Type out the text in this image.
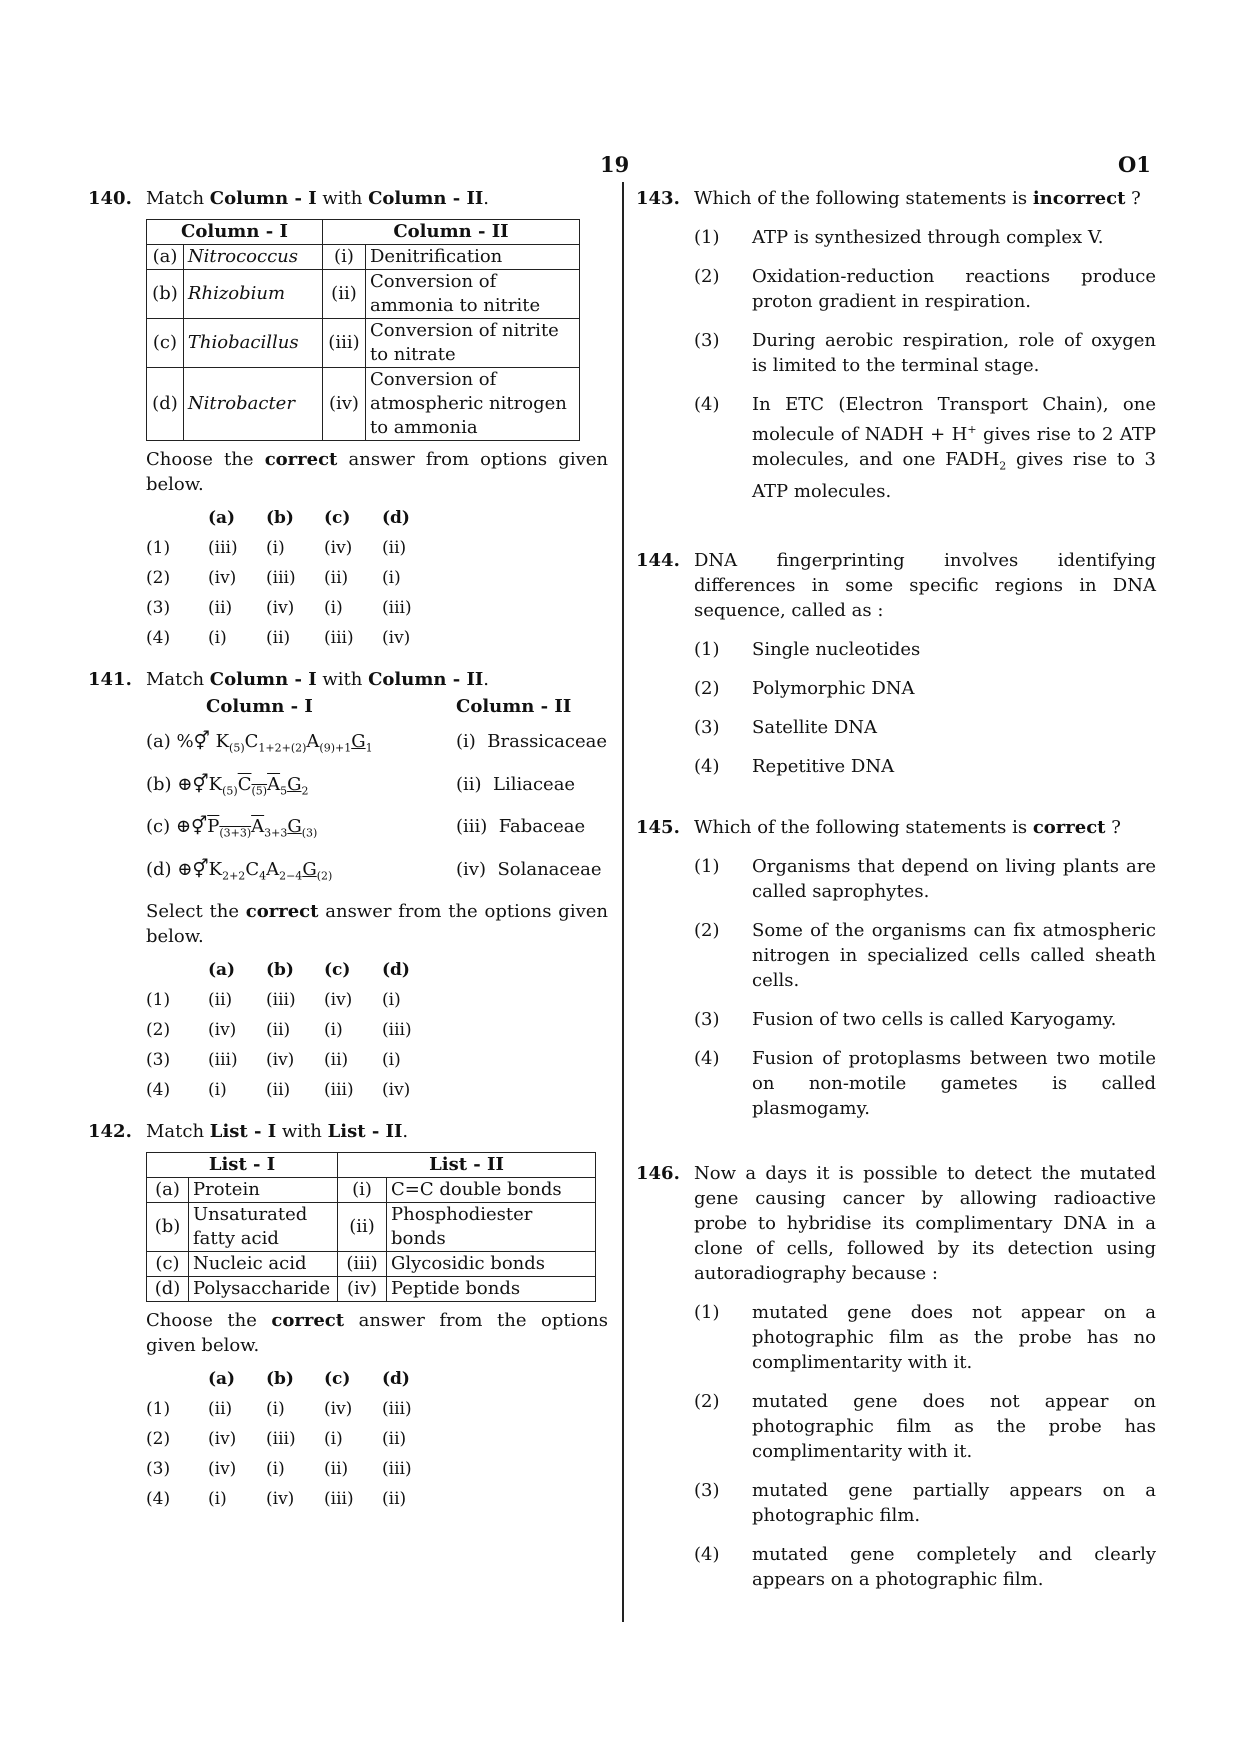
19	O1
140. Match Column - I with Column - II.
Column - I		Column - II	
(a)	Nitrococcus	(i)	Denitrification
(b)	Rhizobium	(ii)	Conversion of ammonia to nitrite
(c)	Thiobacillus	(iii)	Conversion of nitrite to nitrate
(d)	Nitrobacter	(iv)	Conversion of atmospheric nitrogen to ammonia
Choose the correct answer from options given below.
(a)	(b)	(c)	(d)
(1)	(iii)	(i)	(iv)	(ii)
(2)	(iv)	(iii)	(ii)	(i)
(3)	(ii)	(iv)	(i)	(iii)
(4)	(i)	(ii)	(iii)	(iv)
141. Match Column - I with Column - II.
Column - I	Column - II
(a) %⚥ $K_{(5)}C_{1+2+(2)}A_{(9)+1}G_1$	(i) Brassicaceae
(b) $\oplus⚥K_{(5)}C_{(5)}A_5G_2$	(ii) Liliaceae
(c) $\oplus⚥P_{(3+3)}A_{3+3}G_{(3)}$	(iii) Fabaceae
(d) $\oplus⚥K_{2+2}C_4A_{2-4}G_{(2)}$	(iv) Solanaceae
Select the correct answer from the options given below.
(a)	(b)	(c)	(d)
(1)	(ii)	(iii)	(iv)	(i)
(2)	(iv)	(ii)	(i)	(iii)
(3)	(iii)	(iv)	(ii)	(i)
(4)	(i)	(ii)	(iii)	(iv)
142. Match List - I with List - II.
List - I		List - II	
(a)	Protein	(i)	C=C double bonds
(b)	Unsaturated fatty acid	(ii)	Phosphodiester bonds
(c)	Nucleic acid	(iii)	Glycosidic bonds
(d)	Polysaccharide	(iv)	Peptide bonds
Choose the correct answer from the options given below.
(a)	(b)	(c)	(d)
(1)	(ii)	(i)	(iv)	(iii)
(2)	(iv)	(iii)	(i)	(ii)
(3)	(iv)	(i)	(ii)	(iii)
(4)	(i)	(iv)	(iii)	(ii)
143. Which of the following statements is incorrect ?
(1) ATP is synthesized through complex V.
(2) Oxidation-reduction reactions produce proton gradient in respiration.
(3) During aerobic respiration, role of oxygen is limited to the terminal stage.
(4) In ETC (Electron Transport Chain), one molecule of NADH + H+ gives rise to 2 ATP molecules, and one $FADH_2$ gives rise to 3 ATP molecules.
144. DNA fingerprinting involves identifying differences in some specific regions in DNA sequence, called as :
(1) Single nucleotides
(2) Polymorphic DNA
(3) Satellite DNA
(4) Repetitive DNA
145. Which of the following statements is correct ?
(1) Organisms that depend on living plants are called saprophytes.
(2) Some of the organisms can fix atmospheric nitrogen in specialized cells called sheath cells.
(3) Fusion of two cells is called Karyogamy.
(4) Fusion of protoplasms between two motile on non-motile gametes is called plasmogamy.
146. Now a days it is possible to detect the mutated gene causing cancer by allowing radioactive probe to hybridise its complimentary DNA in a clone of cells, followed by its detection using autoradiography because :
(1) mutated gene does not appear on a photographic film as the probe has no complimentarity with it.
(2) mutated gene does not appear on photographic film as the probe has complimentarity with it.
(3) mutated gene partially appears on a photographic film.
(4) mutated gene completely and clearly appears on a photographic film.
